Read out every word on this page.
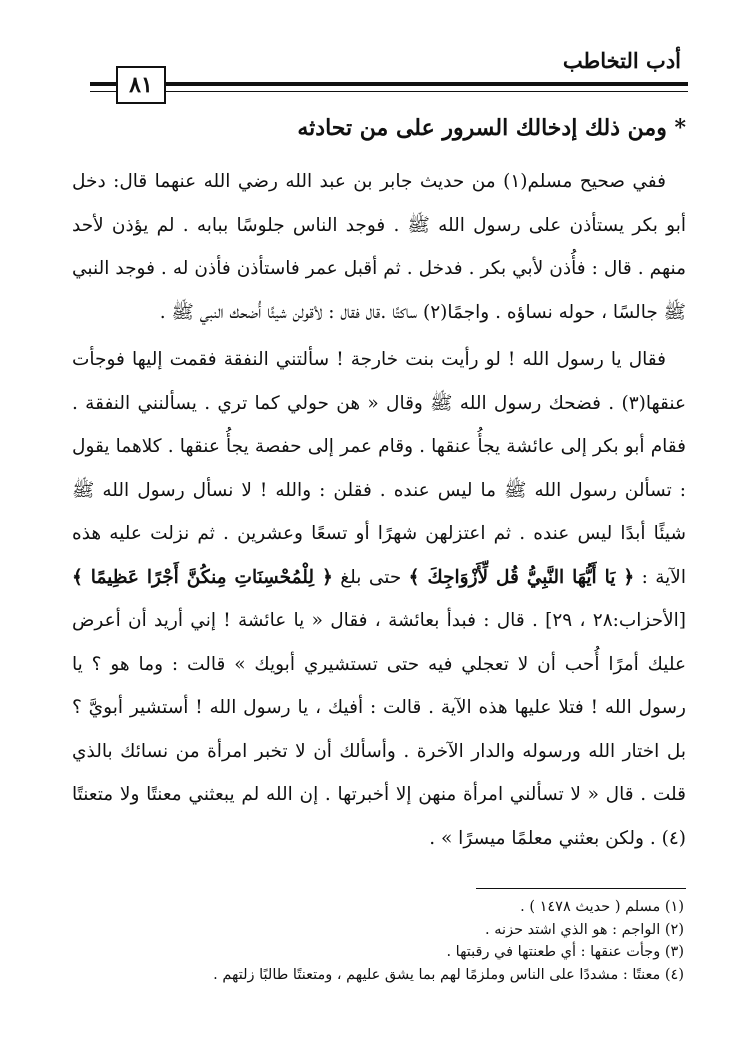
أدب التخاطب
٨١
* ومن ذلك إدخالك السرور على من تحادثه

ففي صحيح مسلم(١) من حديث جابر بن عبد الله رضي الله عنهما قال: دخل أبو بكر يستأذن على رسول الله ﷺ . فوجد الناس جلوسًا ببابه . لم يؤذن لأحد منهم . قال : فأُذن لأبي بكر . فدخل . ثم أقبل عمر فاستأذن فأذن له . فوجد النبي ﷺ جالسًا ، حوله نساؤه . واجمًا(٢) ساكتًا .قال فقال : لأقولن شيئًا أُضحك النبي ﷺ .

فقال يا رسول الله ! لو رأيت بنت خارجة ! سألتني النفقة فقمت إليها فوجأت عنقها(٣) . فضحك رسول الله ﷺ وقال « هن حولي كما تري . يسألنني النفقة . فقام أبو بكر إلى عائشة يجأُ عنقها . وقام عمر إلى حفصة يجأُ عنقها . كلاهما يقول : تسألن رسول الله ﷺ ما ليس عنده . فقلن : والله ! لا نسأل رسول الله ﷺ شيئًا أبدًا ليس عنده . ثم اعتزلهن شهرًا أو تسعًا وعشرين . ثم نزلت عليه هذه الآية : ﴿ يَا أَيُّهَا النَّبِيُّ قُل لِّأَزْوَاجِكَ ﴾ حتى بلغ ﴿ لِلْمُحْسِنَاتِ مِنكُنَّ أَجْرًا عَظِيمًا ﴾ [الأحزاب:٢٨ ، ٢٩] . قال : فبدأ بعائشة ، فقال « يا عائشة ! إني أريد أن أعرض عليك أمرًا أُحب أن لا تعجلي فيه حتى تستشيري أبويك » قالت : وما هو ؟ يا رسول الله ! فتلا عليها هذه الآية . قالت : أفيك ، يا رسول الله ! أستشير أبويَّ ؟ بل اختار الله ورسوله والدار الآخرة . وأسألك أن لا تخبر امرأة من نسائك بالذي قلت . قال « لا تسألني امرأة منهن إلا أخبرتها . إن الله لم يبعثني معنتًا ولا متعنتًا (٤) . ولكن بعثني معلمًا ميسرًا » .

(١) مسلم ( حديث ١٤٧٨ ) .
(٢) الواجم : هو الذي اشتد حزنه .
(٣) وجأت عنقها : أي طعنتها في رقبتها .
(٤) معنتًا : مشددًا على الناس وملزمًا لهم بما يشق عليهم ، ومتعنتًا طالبًا زلتهم .
